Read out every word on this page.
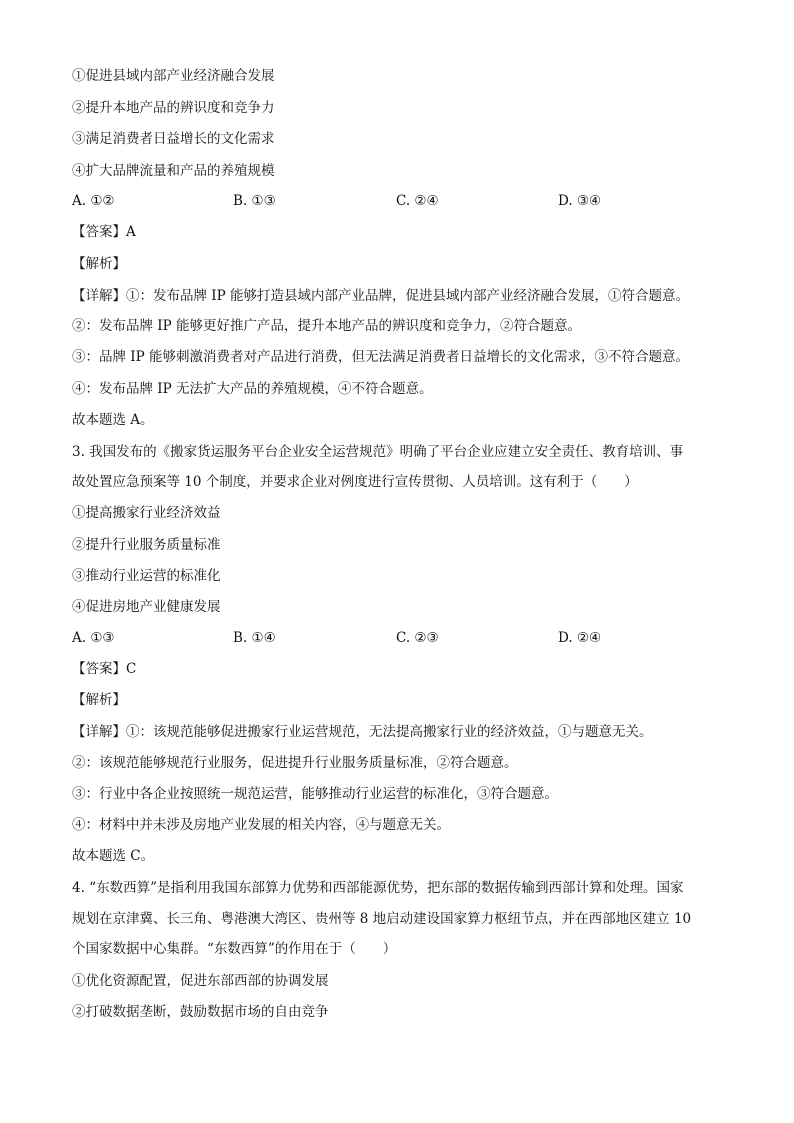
①促进县域内部产业经济融合发展
②提升本地产品的辨识度和竞争力
③满足消费者日益增长的文化需求
④扩大品牌流量和产品的养殖规模
A. ①②	B. ①③	C. ②④	D. ③④
【答案】A
【解析】
【详解】①：发布品牌 IP 能够打造县域内部产业品牌，促进县域内部产业经济融合发展，①符合题意。
②：发布品牌 IP 能够更好推广产品，提升本地产品的辨识度和竞争力，②符合题意。
③：品牌 IP 能够刺激消费者对产品进行消费，但无法满足消费者日益增长的文化需求，③不符合题意。
④：发布品牌 IP 无法扩大产品的养殖规模，④不符合题意。
故本题选 A。
3. 我国发布的《搬家货运服务平台企业安全运营规范》明确了平台企业应建立安全责任、教育培训、事
故处置应急预案等 10 个制度，并要求企业对例度进行宣传贯彻、人员培训。这有利于（　　）
①提高搬家行业经济效益
②提升行业服务质量标准
③推动行业运营的标准化
④促进房地产业健康发展
A. ①③	B. ①④	C. ②③	D. ②④
【答案】C
【解析】
【详解】①：该规范能够促进搬家行业运营规范，无法提高搬家行业的经济效益，①与题意无关。
②：该规范能够规范行业服务，促进提升行业服务质量标准，②符合题意。
③：行业中各企业按照统一规范运营，能够推动行业运营的标准化，③符合题意。
④：材料中并未涉及房地产业发展的相关内容，④与题意无关。
故本题选 C。
4. “东数西算”是指利用我国东部算力优势和西部能源优势，把东部的数据传输到西部计算和处理。国家
规划在京津冀、长三角、粤港澳大湾区、贵州等 8 地启动建设国家算力枢纽节点，并在西部地区建立 10
个国家数据中心集群。“东数西算”的作用在于（　　）
①优化资源配置，促进东部西部的协调发展
②打破数据垄断，鼓励数据市场的自由竞争
